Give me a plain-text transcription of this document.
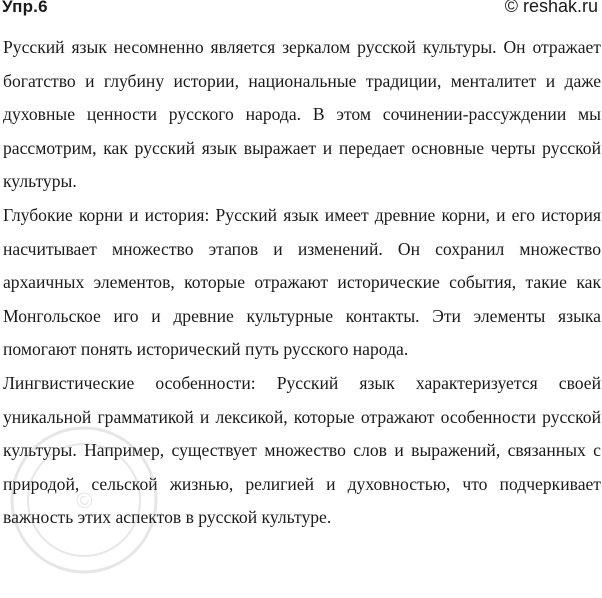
Упр.6	© reshak.ru

Русский язык несомненно является зеркалом русской культуры. Он отражает богатство и глубину истории, национальные традиции, менталитет и даже духовные ценности русского народа. В этом сочинении-рассуждении мы рассмотрим, как русский язык выражает и передает основные черты русской культуры.

Глубокие корни и история: Русский язык имеет древние корни, и его история насчитывает множество этапов и изменений. Он сохранил множество архаичных элементов, которые отражают исторические события, такие как Монгольское иго и древние культурные контакты. Эти элементы языка помогают понять исторический путь русского народа.

Лингвистические особенности: Русский язык характеризуется своей уникальной грамматикой и лексикой, которые отражают особенности русской культуры. Например, существует множество слов и выражений, связанных с природой, сельской жизнью, религией и духовностью, что подчеркивает важность этих аспектов в русской культуре.

©
